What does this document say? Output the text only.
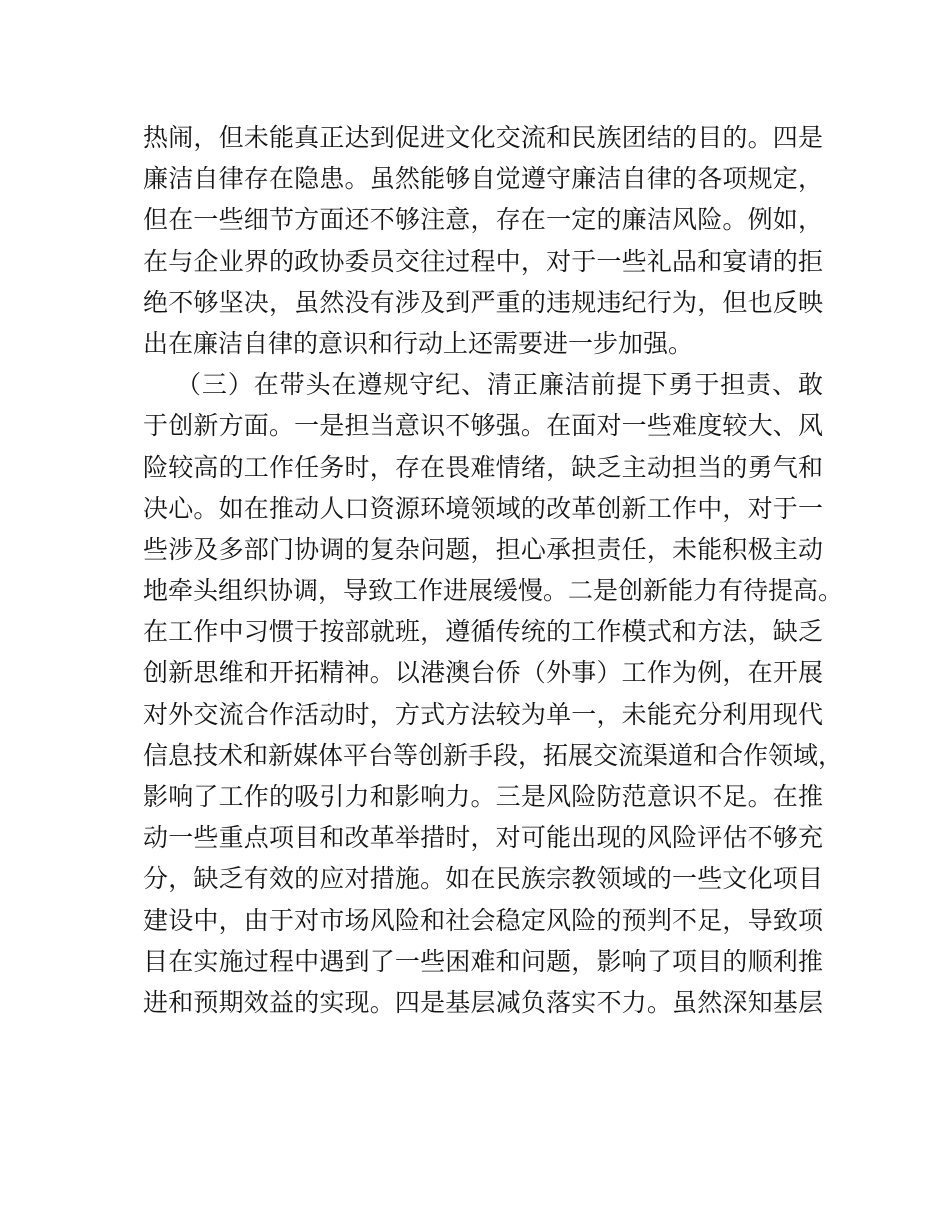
热闹，但未能真正达到促进文化交流和民族团结的目的。四是
廉洁自律存在隐患。虽然能够自觉遵守廉洁自律的各项规定，
但在一些细节方面还不够注意，存在一定的廉洁风险。例如，
在与企业界的政协委员交往过程中，对于一些礼品和宴请的拒
绝不够坚决，虽然没有涉及到严重的违规违纪行为，但也反映
出在廉洁自律的意识和行动上还需要进一步加强。
（三）在带头在遵规守纪、清正廉洁前提下勇于担责、敢
于创新方面。一是担当意识不够强。在面对一些难度较大、风
险较高的工作任务时，存在畏难情绪，缺乏主动担当的勇气和
决心。如在推动人口资源环境领域的改革创新工作中，对于一
些涉及多部门协调的复杂问题，担心承担责任，未能积极主动
地牵头组织协调，导致工作进展缓慢。二是创新能力有待提高。
在工作中习惯于按部就班，遵循传统的工作模式和方法，缺乏
创新思维和开拓精神。以港澳台侨（外事）工作为例，在开展
对外交流合作活动时，方式方法较为单一，未能充分利用现代
信息技术和新媒体平台等创新手段，拓展交流渠道和合作领域，
影响了工作的吸引力和影响力。三是风险防范意识不足。在推
动一些重点项目和改革举措时，对可能出现的风险评估不够充
分，缺乏有效的应对措施。如在民族宗教领域的一些文化项目
建设中，由于对市场风险和社会稳定风险的预判不足，导致项
目在实施过程中遇到了一些困难和问题，影响了项目的顺利推
进和预期效益的实现。四是基层减负落实不力。虽然深知基层
